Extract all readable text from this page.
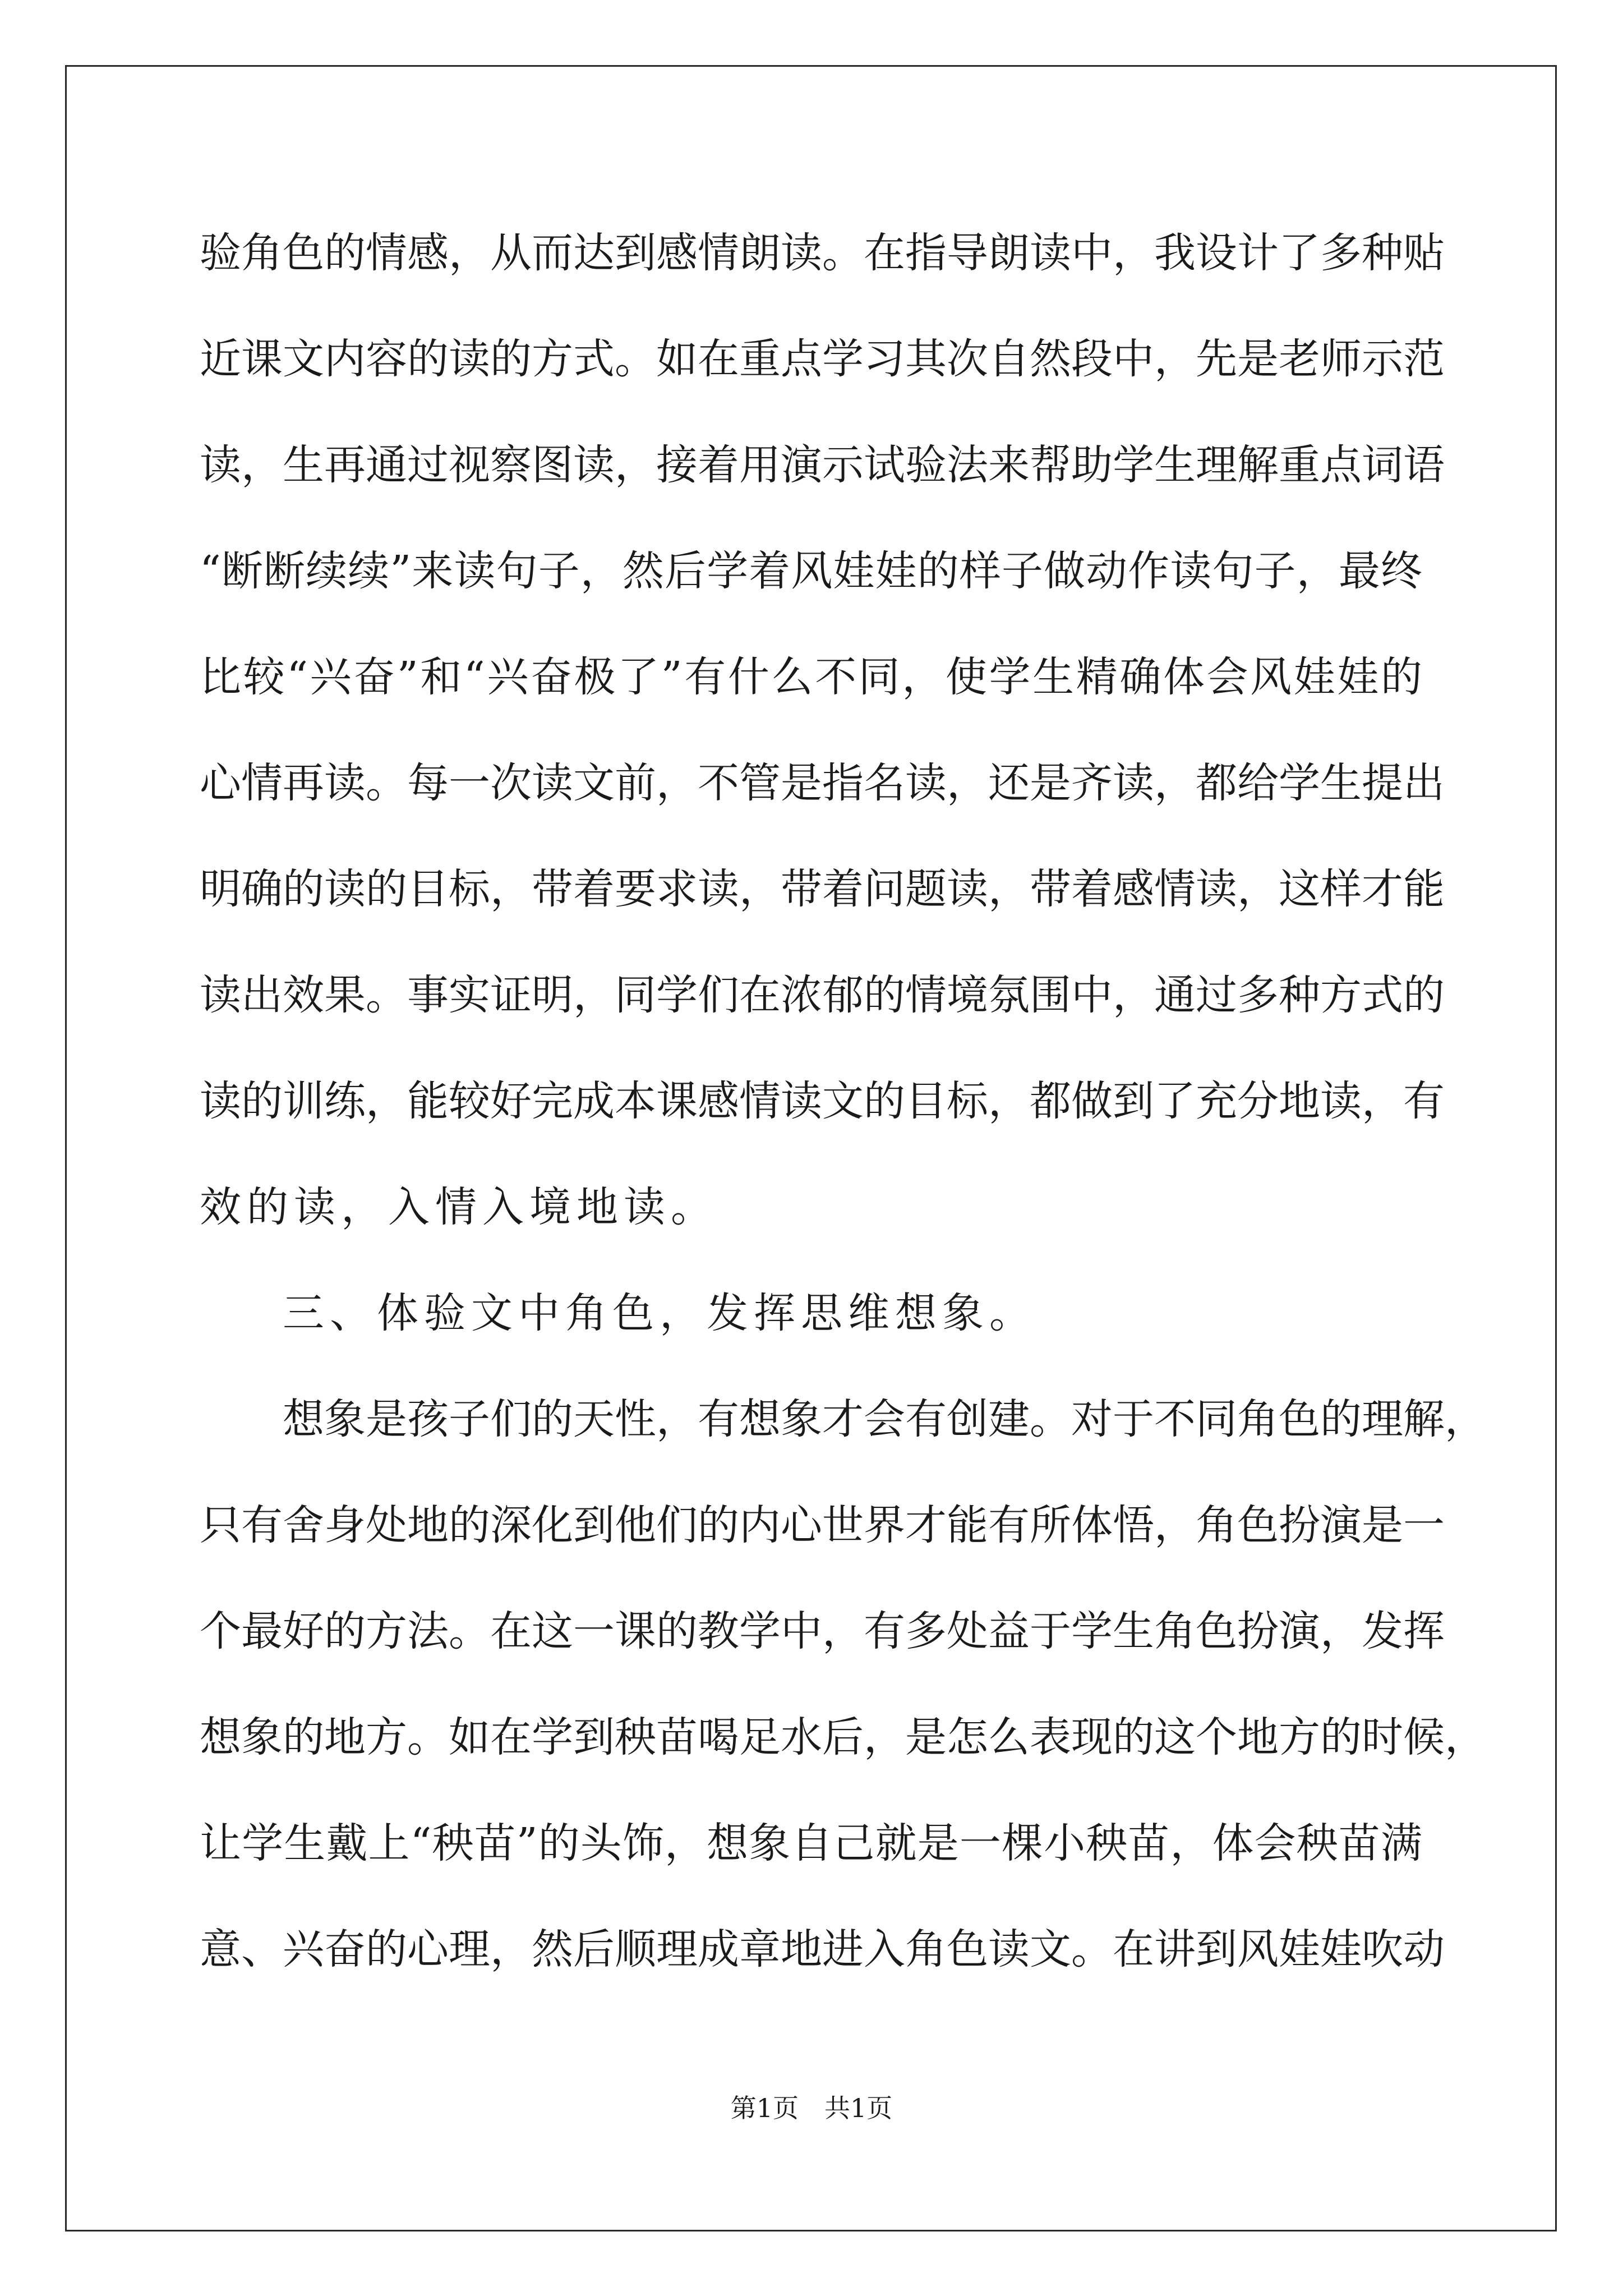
验角色的情感，从而达到感情朗读。在指导朗读中，我设计了多种贴
近课文内容的读的方式。如在重点学习其次自然段中，先是老师示范
读，生再通过视察图读，接着用演示试验法来帮助学生理解重点词语
“断断续续”来读句子，然后学着风娃娃的样子做动作读句子，最终
比较“兴奋”和“兴奋极了”有什么不同，使学生精确体会风娃娃的
心情再读。每一次读文前，不管是指名读，还是齐读，都给学生提出
明确的读的目标，带着要求读，带着问题读，带着感情读，这样才能
读出效果。事实证明，同学们在浓郁的情境氛围中，通过多种方式的
读的训练，能较好完成本课感情读文的目标，都做到了充分地读，有
效的读，入情入境地读。
三、体验文中角色，发挥思维想象。
想象是孩子们的天性，有想象才会有创建。对于不同角色的理解，
只有舍身处地的深化到他们的内心世界才能有所体悟，角色扮演是一
个最好的方法。在这一课的教学中，有多处益于学生角色扮演，发挥
想象的地方。如在学到秧苗喝足水后，是怎么表现的这个地方的时候，
让学生戴上“秧苗”的头饰，想象自己就是一棵小秧苗，体会秧苗满
意、兴奋的心理，然后顺理成章地进入角色读文。在讲到风娃娃吹动
第1页 共1页
